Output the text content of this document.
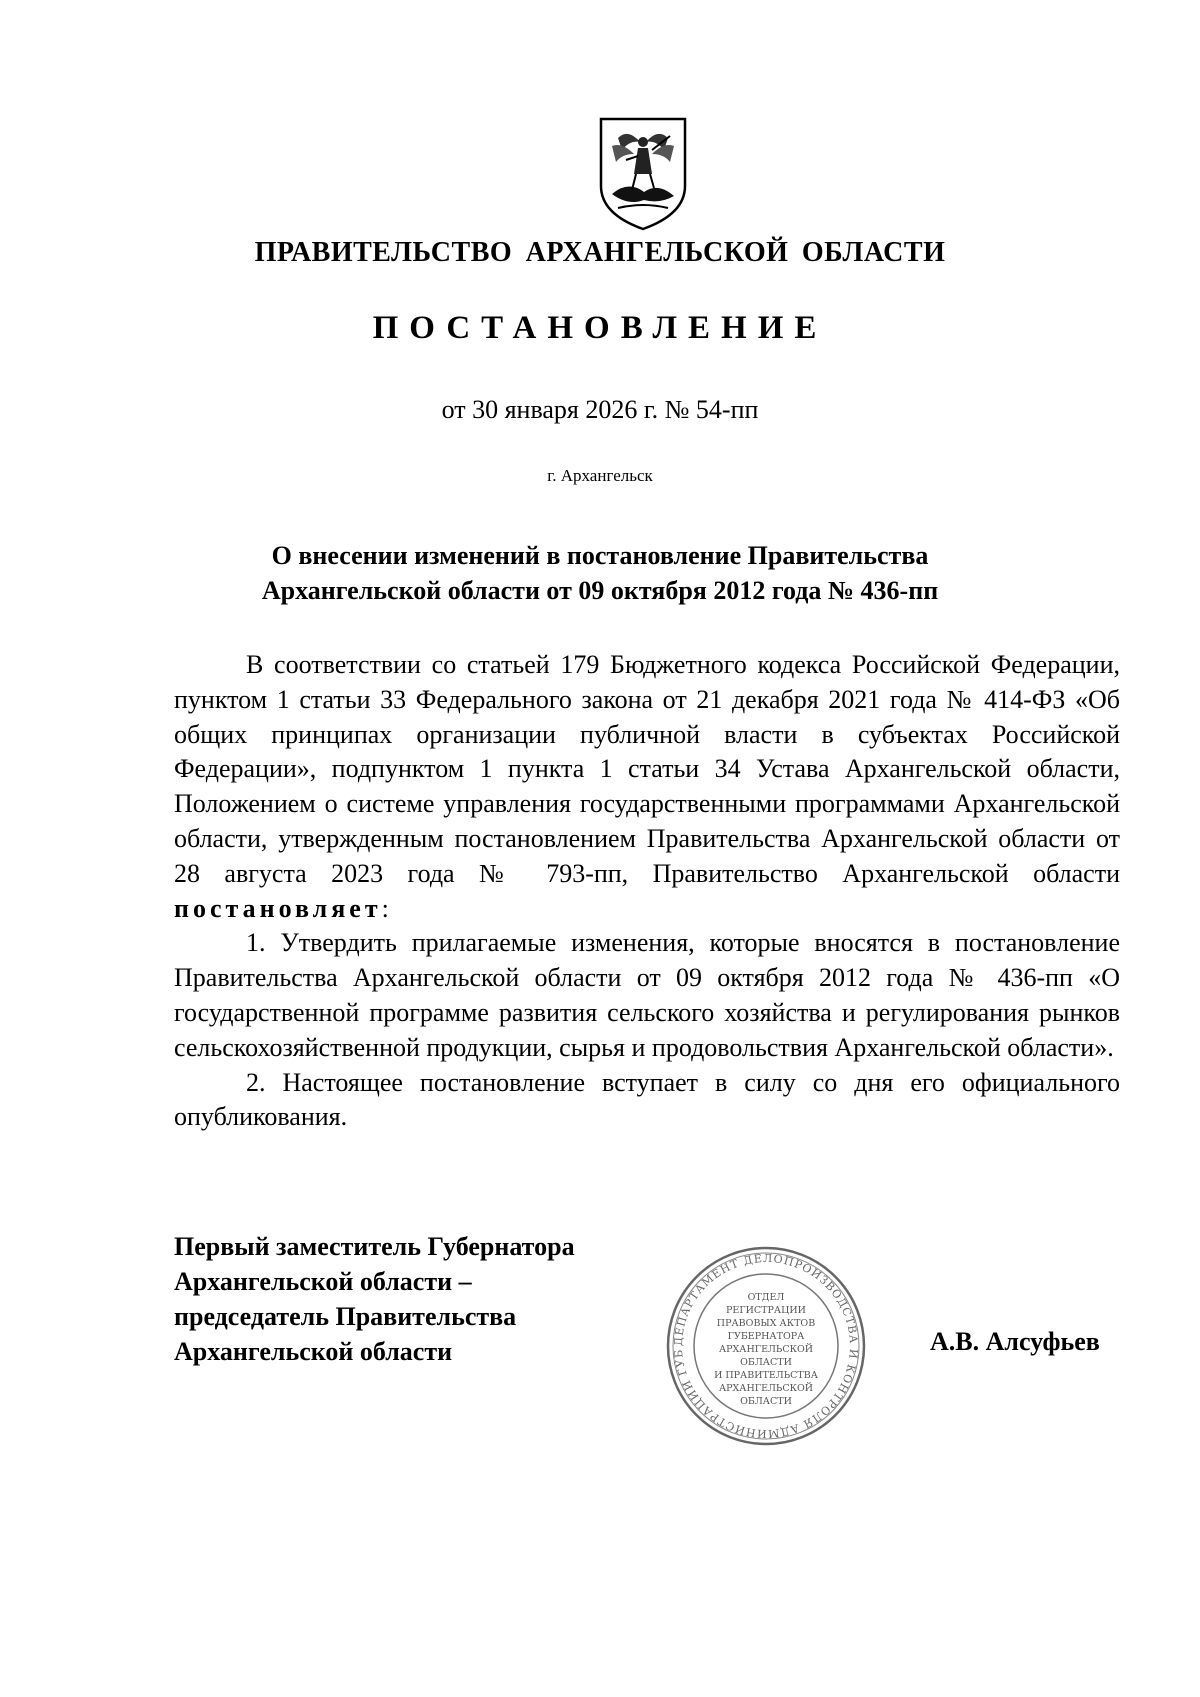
ПРАВИТЕЛЬСТВО АРХАНГЕЛЬСКОЙ ОБЛАСТИ
ПОСТАНОВЛЕНИЕ
от 30 января 2026 г. № 54-пп
г. Архангельск
О внесении изменений в постановление Правительства
Архангельской области от 09 октября 2012 года № 436-пп

В соответствии со статьей 179 Бюджетного кодекса Российской Федерации, пунктом 1 статьи 33 Федерального закона от 21 декабря 2021 года № 414-ФЗ «Об общих принципах организации публичной власти в субъектах Российской Федерации», подпунктом 1 пункта 1 статьи 34 Устава Архангельской области, Положением о системе управления государственными программами Архангельской области, утвержденным постановлением Правительства Архангельской области от 28 августа 2023 года № 793-пп, Правительство Архангельской области постановляет:

1. Утвердить прилагаемые изменения, которые вносятся в постановление Правительства Архангельской области от 09 октября 2012 года № 436-пп «О государственной программе развития сельского хозяйства и регулирования рынков сельскохозяйственной продукции, сырья и продовольствия Архангельской области».

2. Настоящее постановление вступает в силу со дня его официального опубликования.

Первый заместитель Губернатора
Архангельской области –
председатель Правительства
Архангельской области	ДЕПАРТАМЕНТ ДЕЛОПРОИЗВОДСТВА И КОНТРОЛЯ АДМИНИСТРАЦИИ ГУБ
ОТДЕЛ
РЕГИСТРАЦИИ
ПРАВОВЫХ АКТОВ
ГУБЕРНАТОРА
АРХАНГЕЛЬСКОЙ
ОБЛАСТИ
И ПРАВИТЕЛЬСТВА
АРХАНГЕЛЬСКОЙ
ОБЛАСТИ
А.В. Алсуфьев
